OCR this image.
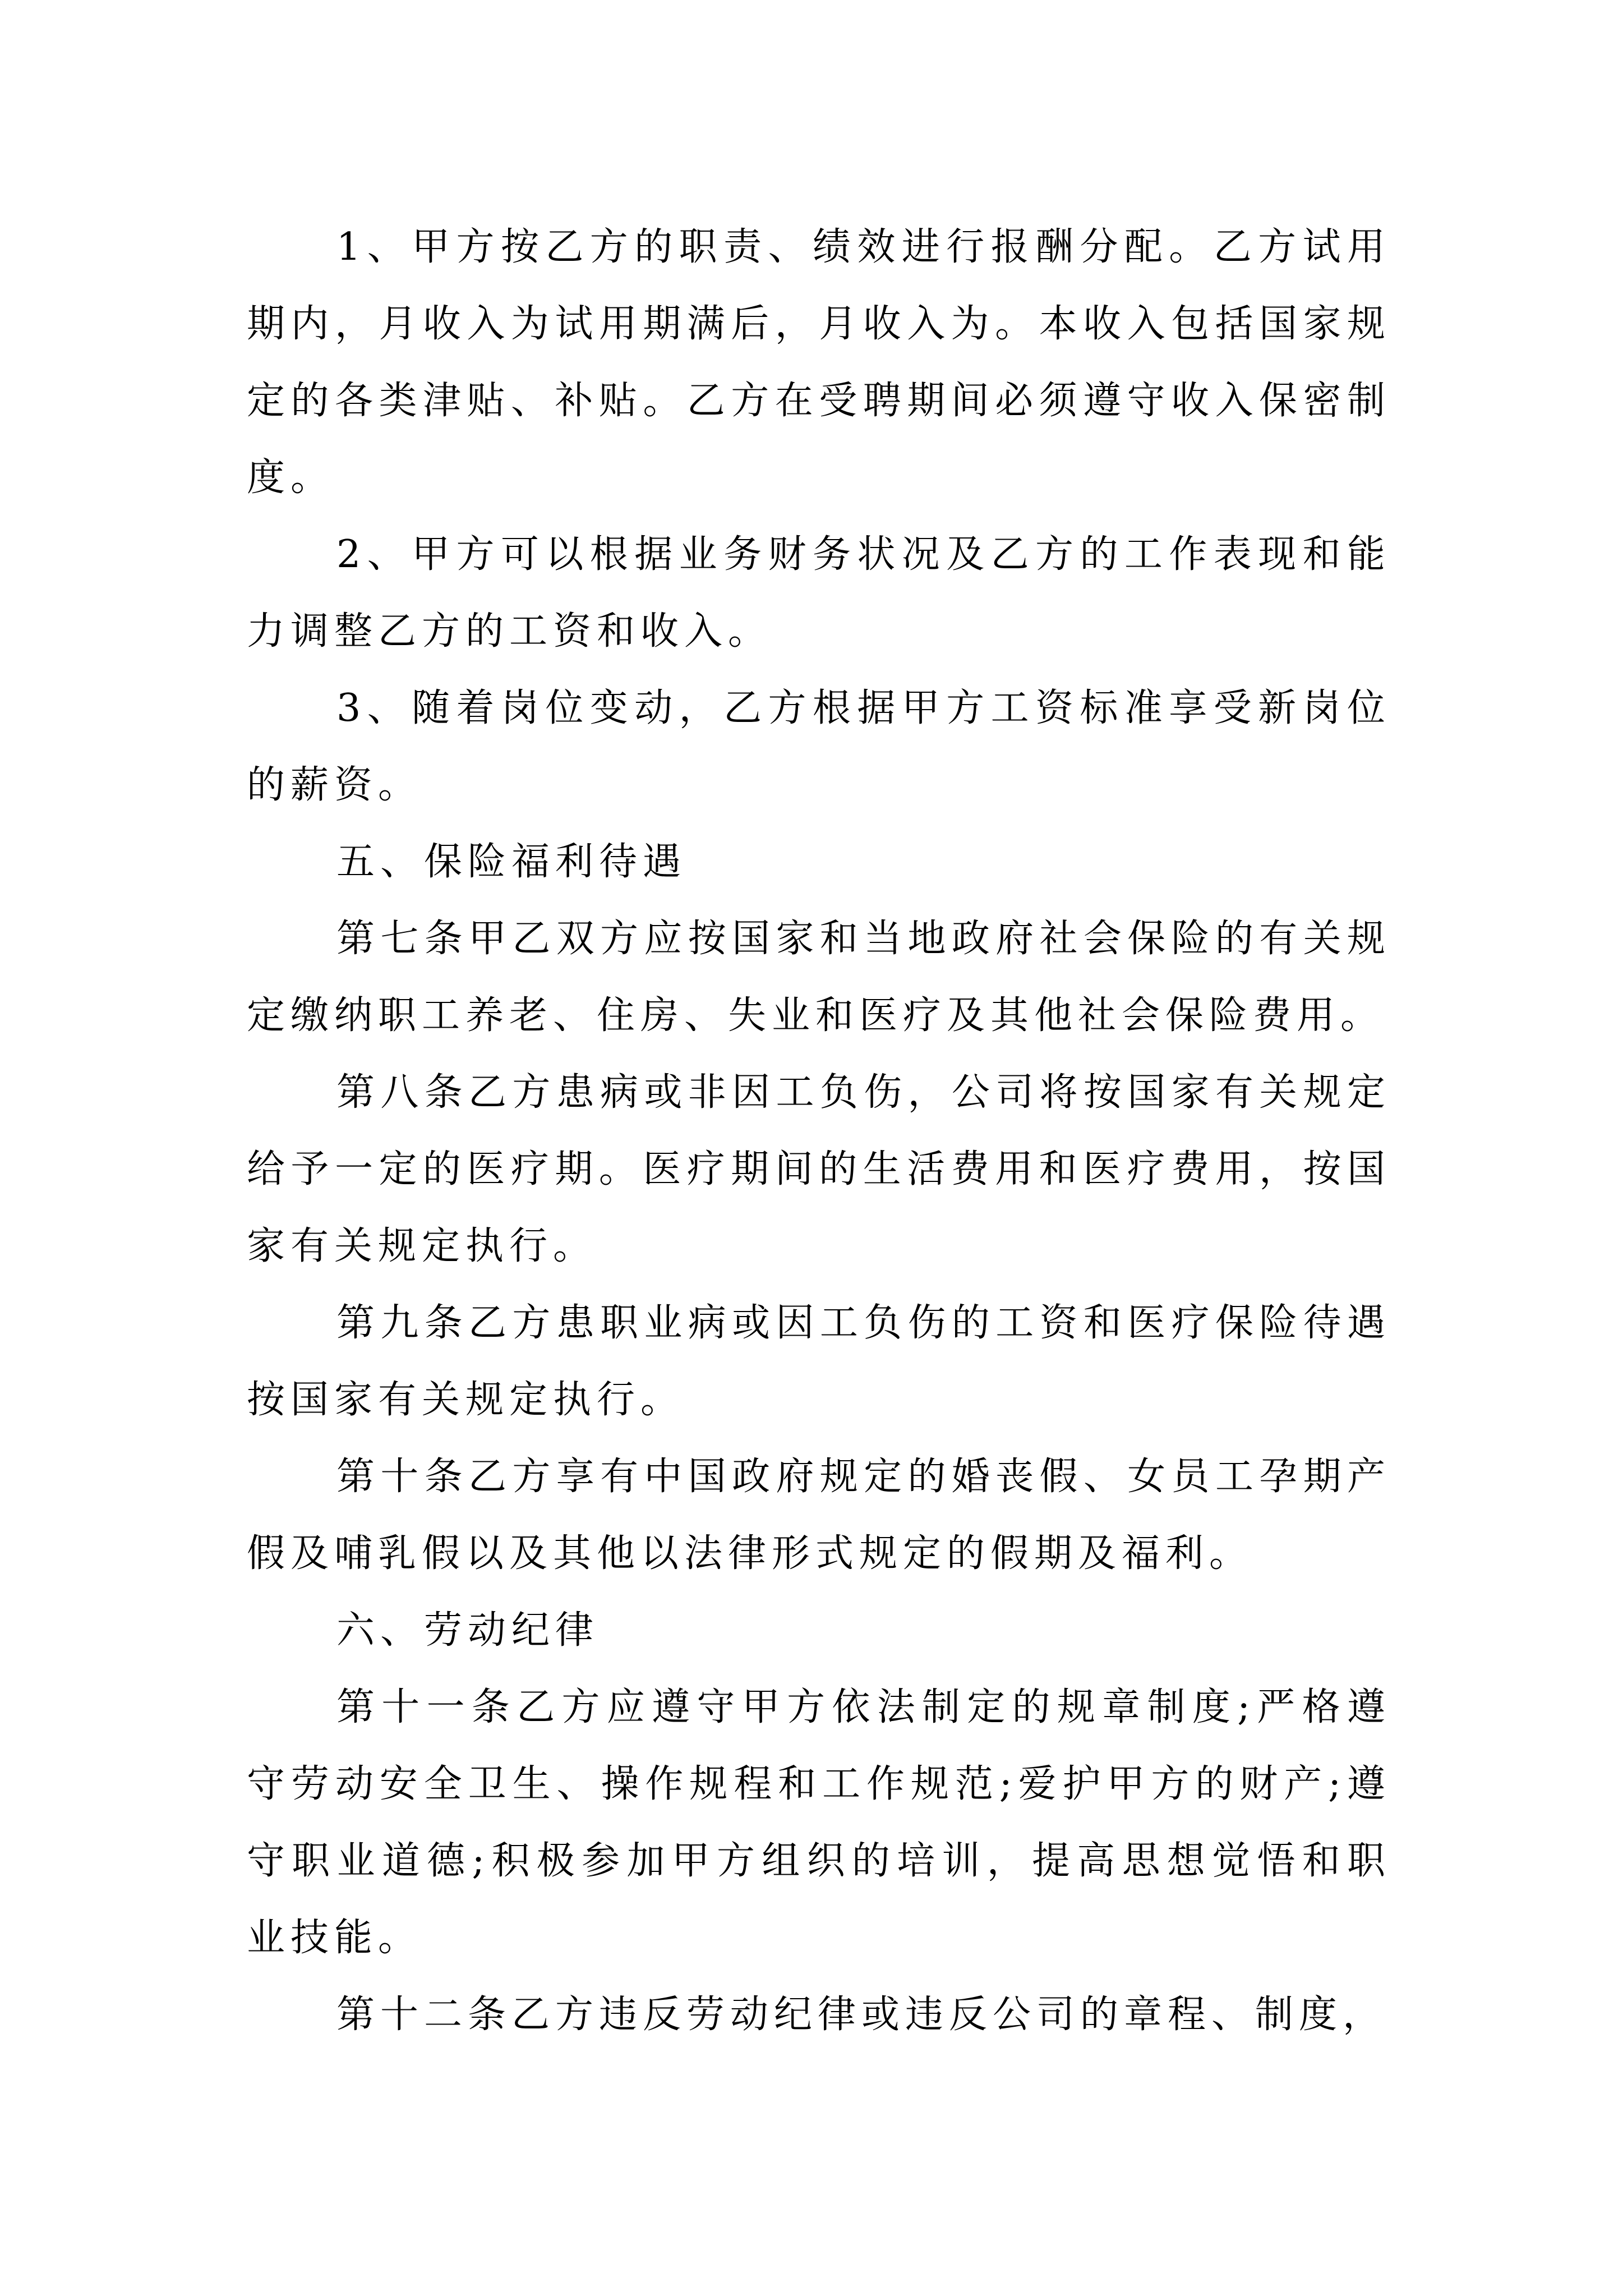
1、甲方按乙方的职责、绩效进行报酬分配。乙方试用期内，月收入为试用期满后，月收入为。本收入包括国家规定的各类津贴、补贴。乙方在受聘期间必须遵守收入保密制度。

2、甲方可以根据业务财务状况及乙方的工作表现和能力调整乙方的工资和收入。

3、随着岗位变动，乙方根据甲方工资标准享受新岗位的薪资。

五、保险福利待遇

第七条甲乙双方应按国家和当地政府社会保险的有关规定缴纳职工养老、住房、失业和医疗及其他社会保险费用。

第八条乙方患病或非因工负伤，公司将按国家有关规定给予一定的医疗期。医疗期间的生活费用和医疗费用，按国家有关规定执行。

第九条乙方患职业病或因工负伤的工资和医疗保险待遇按国家有关规定执行。

第十条乙方享有中国政府规定的婚丧假、女员工孕期产假及哺乳假以及其他以法律形式规定的假期及福利。

六、劳动纪律

第十一条乙方应遵守甲方依法制定的规章制度;严格遵守劳动安全卫生、操作规程和工作规范;爱护甲方的财产;遵守职业道德;积极参加甲方组织的培训，提高思想觉悟和职业技能。

第十二条乙方违反劳动纪律或违反公司的章程、制度，
